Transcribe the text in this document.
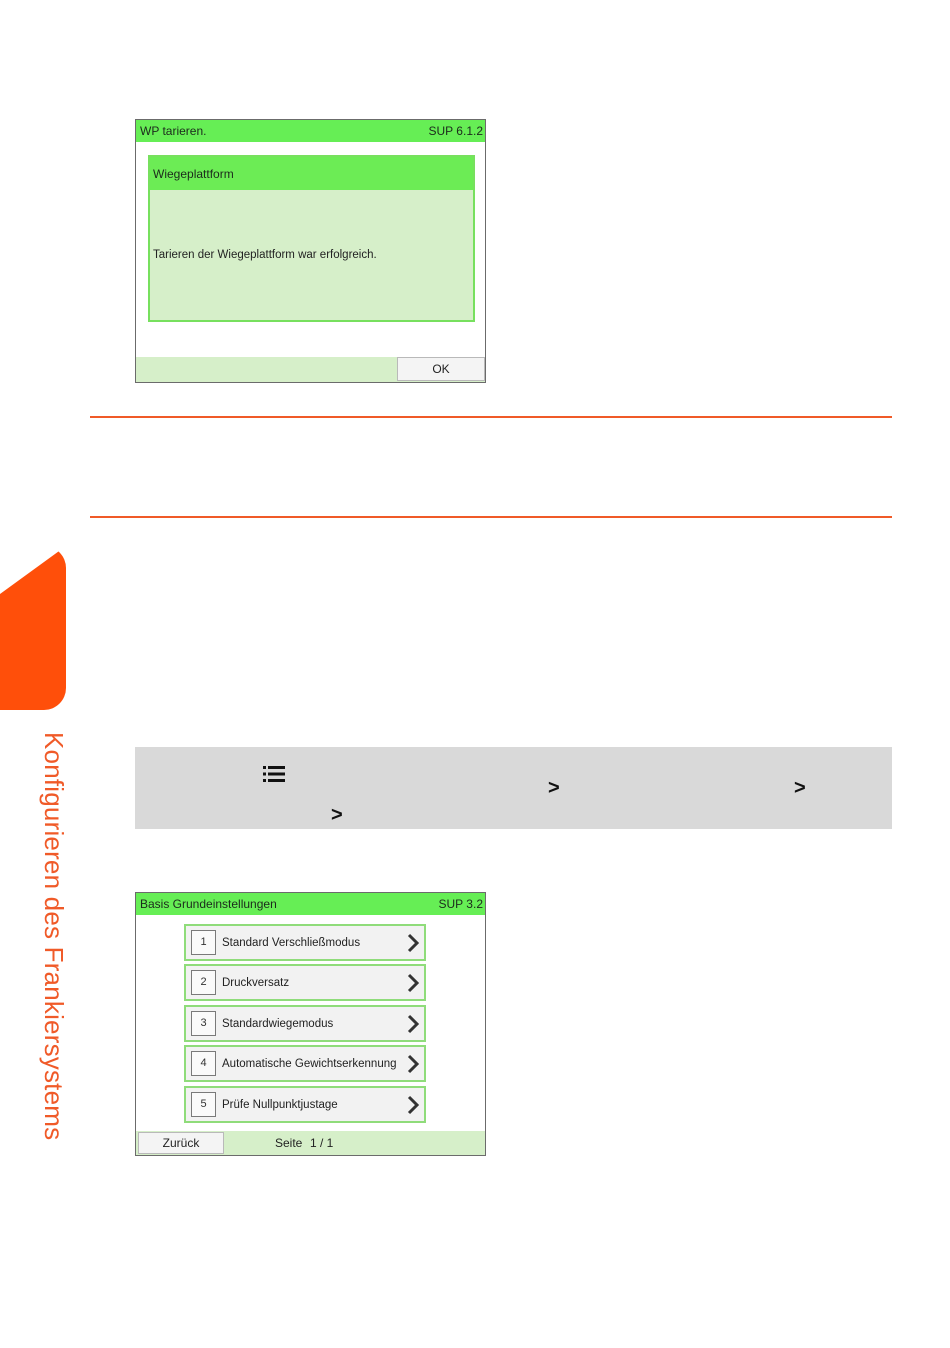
WP tarieren.	SUP 6.1.2
Wiegeplattform
Tarieren der Wiegeplattform war erfolgreich.
OK
Konfigurieren des Frankiersystems	>	>
>
Basis Grundeinstellungen	SUP 3.2
1	Standard Verschließmodus
2	Druckversatz
3	Standardwiegemodus
4	Automatische Gewichtserkennung
5	Prüfe Nullpunktjustage
Zurück	Seite 1 / 1
